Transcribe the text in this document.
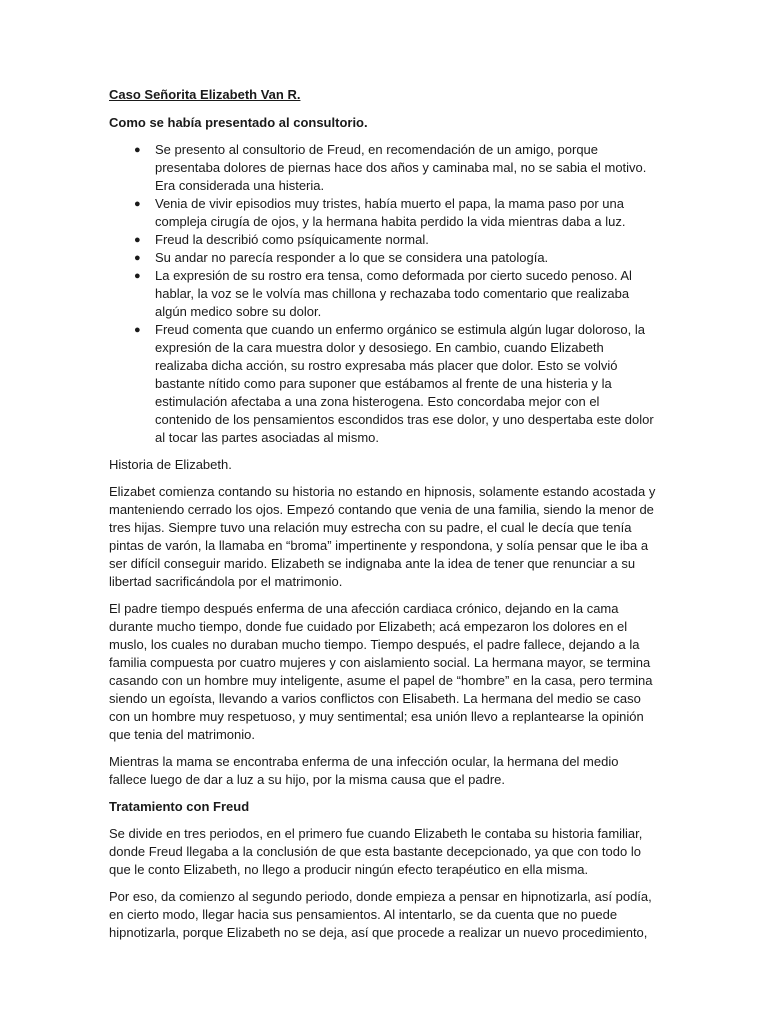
Caso Señorita Elizabeth Van R.

Como se había presentado al consultorio.

● Se presento al consultorio de Freud, en recomendación de un amigo, porque presentaba dolores de piernas hace dos años y caminaba mal, no se sabia el motivo. Era considerada una histeria.
● Venia de vivir episodios muy tristes, había muerto el papa, la mama paso por una compleja cirugía de ojos, y la hermana habita perdido la vida mientras daba a luz.
● Freud la describió como psíquicamente normal.
● Su andar no parecía responder a lo que se considera una patología.
● La expresión de su rostro era tensa, como deformada por cierto sucedo penoso. Al hablar, la voz se le volvía mas chillona y rechazaba todo comentario que realizaba algún medico sobre su dolor.
● Freud comenta que cuando un enfermo orgánico se estimula algún lugar doloroso, la expresión de la cara muestra dolor y desosiego. En cambio, cuando Elizabeth realizaba dicha acción, su rostro expresaba más placer que dolor. Esto se volvió bastante nítido como para suponer que estábamos al frente de una histeria y la estimulación afectaba a una zona histerogena. Esto concordaba mejor con el contenido de los pensamientos escondidos tras ese dolor, y uno despertaba este dolor al tocar las partes asociadas al mismo.

Historia de Elizabeth.

Elizabet comienza contando su historia no estando en hipnosis, solamente estando acostada y manteniendo cerrado los ojos. Empezó contando que venia de una familia, siendo la menor de tres hijas. Siempre tuvo una relación muy estrecha con su padre, el cual le decía que tenía pintas de varón, la llamaba en “broma” impertinente y respondona, y solía pensar que le iba a ser difícil conseguir marido. Elizabeth se indignaba ante la idea de tener que renunciar a su libertad sacrificándola por el matrimonio.

El padre tiempo después enferma de una afección cardiaca crónico, dejando en la cama durante mucho tiempo, donde fue cuidado por Elizabeth; acá empezaron los dolores en el muslo, los cuales no duraban mucho tiempo. Tiempo después, el padre fallece, dejando a la familia compuesta por cuatro mujeres y con aislamiento social. La hermana mayor, se termina casando con un hombre muy inteligente, asume el papel de “hombre” en la casa, pero termina siendo un egoísta, llevando a varios conflictos con Elisabeth. La hermana del medio se caso con un hombre muy respetuoso, y muy sentimental; esa unión llevo a replantearse la opinión que tenia del matrimonio.

Mientras la mama se encontraba enferma de una infección ocular, la hermana del medio fallece luego de dar a luz a su hijo, por la misma causa que el padre.

Tratamiento con Freud

Se divide en tres periodos, en el primero fue cuando Elizabeth le contaba su historia familiar, donde Freud llegaba a la conclusión de que esta bastante decepcionado, ya que con todo lo que le conto Elizabeth, no llego a producir ningún efecto terapéutico en ella misma.

Por eso, da comienzo al segundo periodo, donde empieza a pensar en hipnotizarla, así podía, en cierto modo, llegar hacia sus pensamientos. Al intentarlo, se da cuenta que no puede hipnotizarla, porque Elizabeth no se deja, así que procede a realizar un nuevo procedimiento,
